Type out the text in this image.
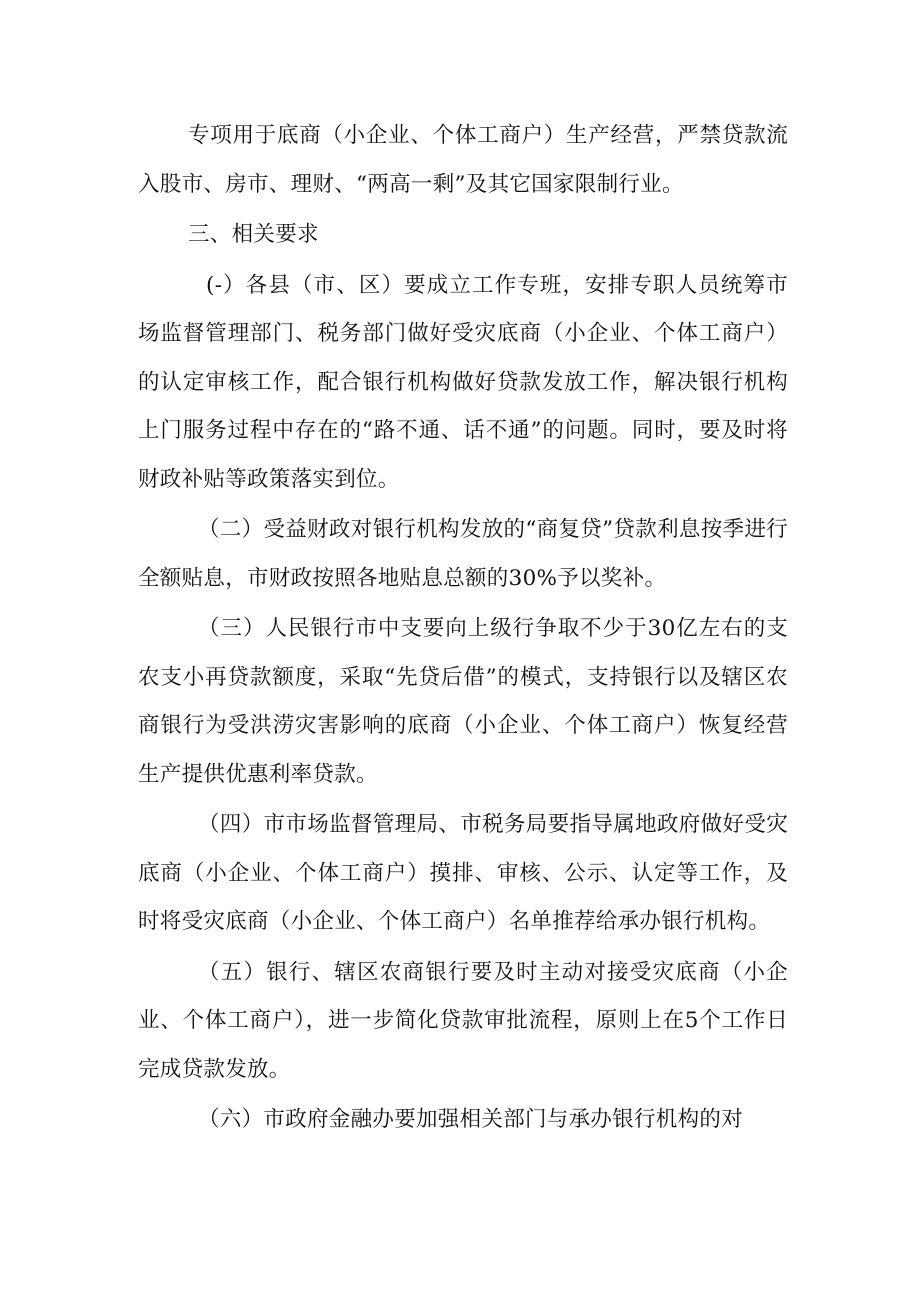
专项用于底商（小企业、个体工商户）生产经营，严禁贷款流入股市、房市、理财、“两高一剩”及其它国家限制行业。

三、相关要求

(-）各县（市、区）要成立工作专班，安排专职人员统筹市场监督管理部门、税务部门做好受灾底商（小企业、个体工商户）的认定审核工作，配合银行机构做好贷款发放工作，解决银行机构上门服务过程中存在的“路不通、话不通”的问题。同时，要及时将财政补贴等政策落实到位。

（二）受益财政对银行机构发放的“商复贷”贷款利息按季进行全额贴息，市财政按照各地贴息总额的30%予以奖补。

（三）人民银行市中支要向上级行争取不少于30亿左右的支农支小再贷款额度，采取“先贷后借”的模式，支持银行以及辖区农商银行为受洪涝灾害影响的底商（小企业、个体工商户）恢复经营生产提供优惠利率贷款。

（四）市市场监督管理局、市税务局要指导属地政府做好受灾底商（小企业、个体工商户）摸排、审核、公示、认定等工作，及时将受灾底商（小企业、个体工商户）名单推荐给承办银行机构。

（五）银行、辖区农商银行要及时主动对接受灾底商（小企业、个体工商户），进一步简化贷款审批流程，原则上在5个工作日完成贷款发放。

（六）市政府金融办要加强相关部门与承办银行机构的对
